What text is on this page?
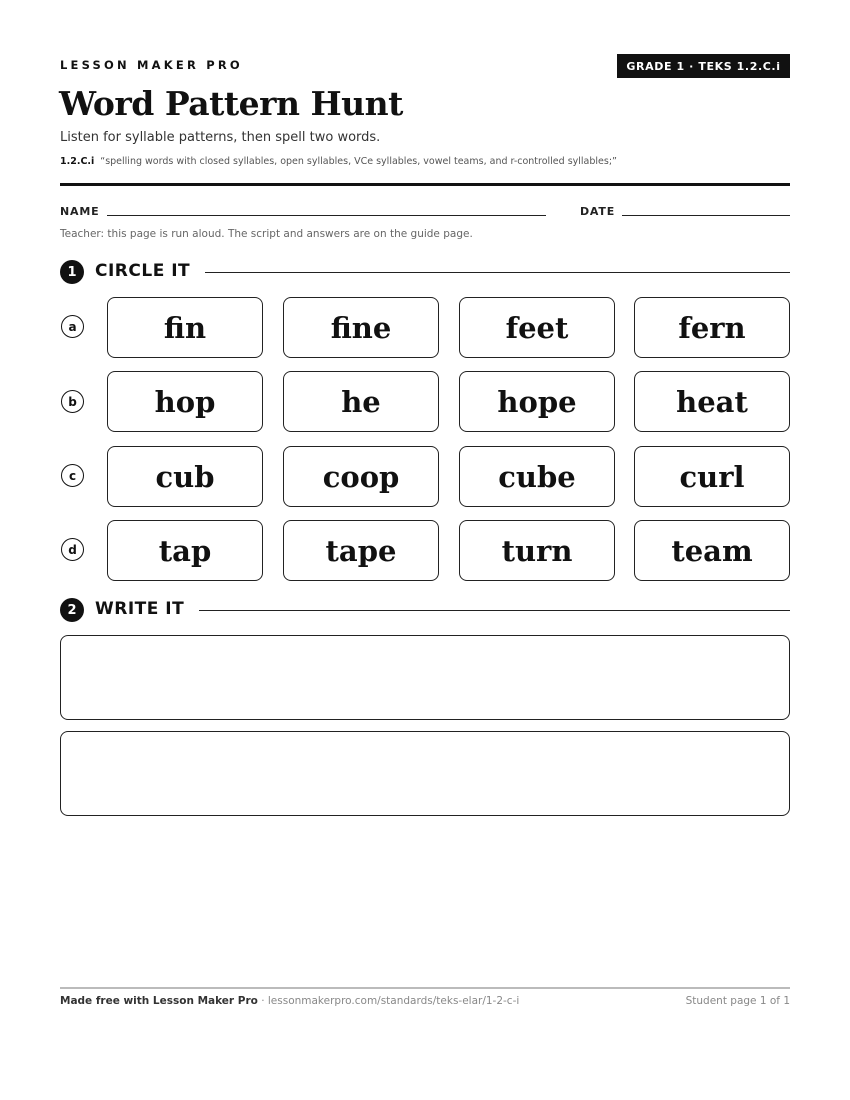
LESSON MAKER PRO	GRADE 1 · TEKS 1.2.C.i
Word Pattern Hunt
Listen for syllable patterns, then spell two words.
1.2.C.i “spelling words with closed syllables, open syllables, VCe syllables, vowel teams, and r-controlled syllables;”
NAME	DATE
Teacher: this page is run aloud. The script and answers are on the guide page.
1	CIRCLE IT
a	fin	fine	feet	fern
b	hop	he	hope	heat
c	cub	coop	cube	curl
d	tap	tape	turn	team
2	WRITE IT
Made free with Lesson Maker Pro · lessonmakerpro.com/standards/teks-elar/1-2-c-i	Student page 1 of 1
